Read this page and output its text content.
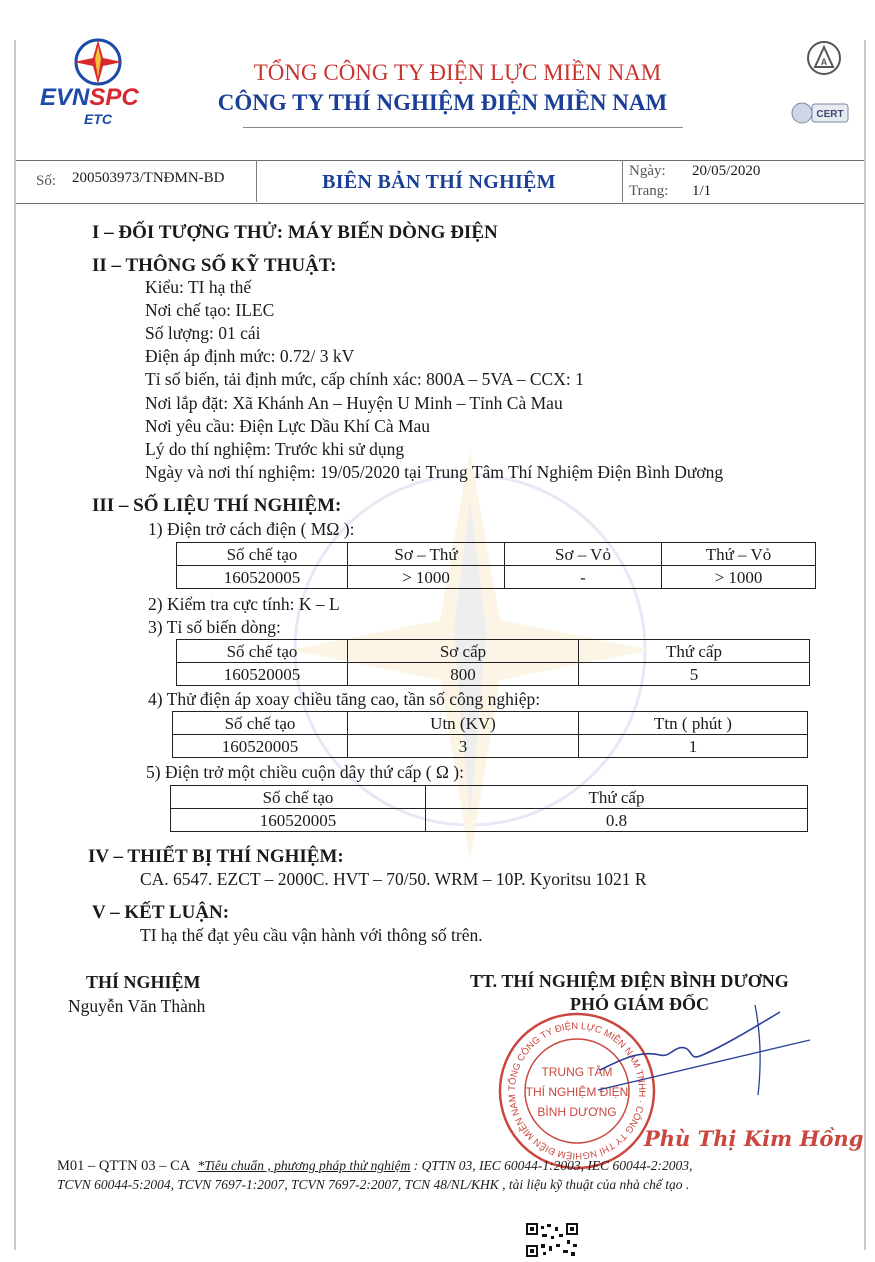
EVNSPC
ETC
TỔNG CÔNG TY ĐIỆN LỰC MIỀN NAM
CÔNG TY THÍ NGHIỆM ĐIỆN MIỀN NAM
A
CERT
Số: 200503973/TNĐMN-BD	BIÊN BẢN THÍ NGHIỆM	Ngày: 20/05/2020
Trang: 1/1
I – ĐỐI TƯỢNG THỬ: MÁY BIẾN DÒNG ĐIỆN
II – THÔNG SỐ KỸ THUẬT:
Kiểu: TI hạ thế
Nơi chế tạo: ILEC
Số lượng: 01 cái
Điện áp định mức: 0.72/ 3 kV
Tỉ số biến, tải định mức, cấp chính xác: 800A – 5VA – CCX: 1
Nơi lắp đặt: Xã Khánh An – Huyện U Minh – Tỉnh Cà Mau
Nơi yêu cầu: Điện Lực Dầu Khí Cà Mau
Lý do thí nghiệm: Trước khi sử dụng
Ngày và nơi thí nghiệm: 19/05/2020 tại Trung Tâm Thí Nghiệm Điện Bình Dương
III – SỐ LIỆU THÍ NGHIỆM:
1) Điện trở cách điện ( MΩ ):
Số chế tạo	Sơ – Thứ	Sơ – Vỏ	Thứ – Vỏ
160520005	> 1000	-	> 1000
2) Kiểm tra cực tính: K – L
3) Tỉ số biến dòng:
Số chế tạo	Sơ cấp	Thứ cấp
160520005	800	5
4) Thử điện áp xoay chiều tăng cao, tần số công nghiệp:
Số chế tạo	Utn (KV)	Ttn ( phút )
160520005	3	1
5) Điện trở một chiều cuộn dây thứ cấp ( Ω ):
Số chế tạo	Thứ cấp
160520005	0.8
IV – THIẾT BỊ THÍ NGHIỆM:
CA. 6547. EZCT – 2000C. HVT – 70/50. WRM – 10P. Kyoritsu 1021 R
V – KẾT LUẬN:
TI hạ thế đạt yêu cầu vận hành với thông số trên.
THÍ NGHIỆM
Nguyễn Văn Thành
TT. THÍ NGHIỆM ĐIỆN BÌNH DƯƠNG
PHÓ GIÁM ĐỐC
TỔNG CÔNG TY ĐIỆN LỰC MIỀN NAM TNHH · CÔNG TY THÍ NGHIỆM ĐIỆN MIỀN NAM
TRUNG TÂM
THÍ NGHIỆM ĐIỆN
BÌNH DƯƠNG
Phù Thị Kim Hồng
M01 – QTTN 03 – CA *Tiêu chuẩn , phương pháp thử nghiệm : QTTN 03, IEC 60044-1:2003, IEC 60044-2:2003,
TCVN 60044-5:2004, TCVN 7697-1:2007, TCVN 7697-2:2007, TCN 48/NL/KHK , tài liệu kỹ thuật của nhà chế tạo .
